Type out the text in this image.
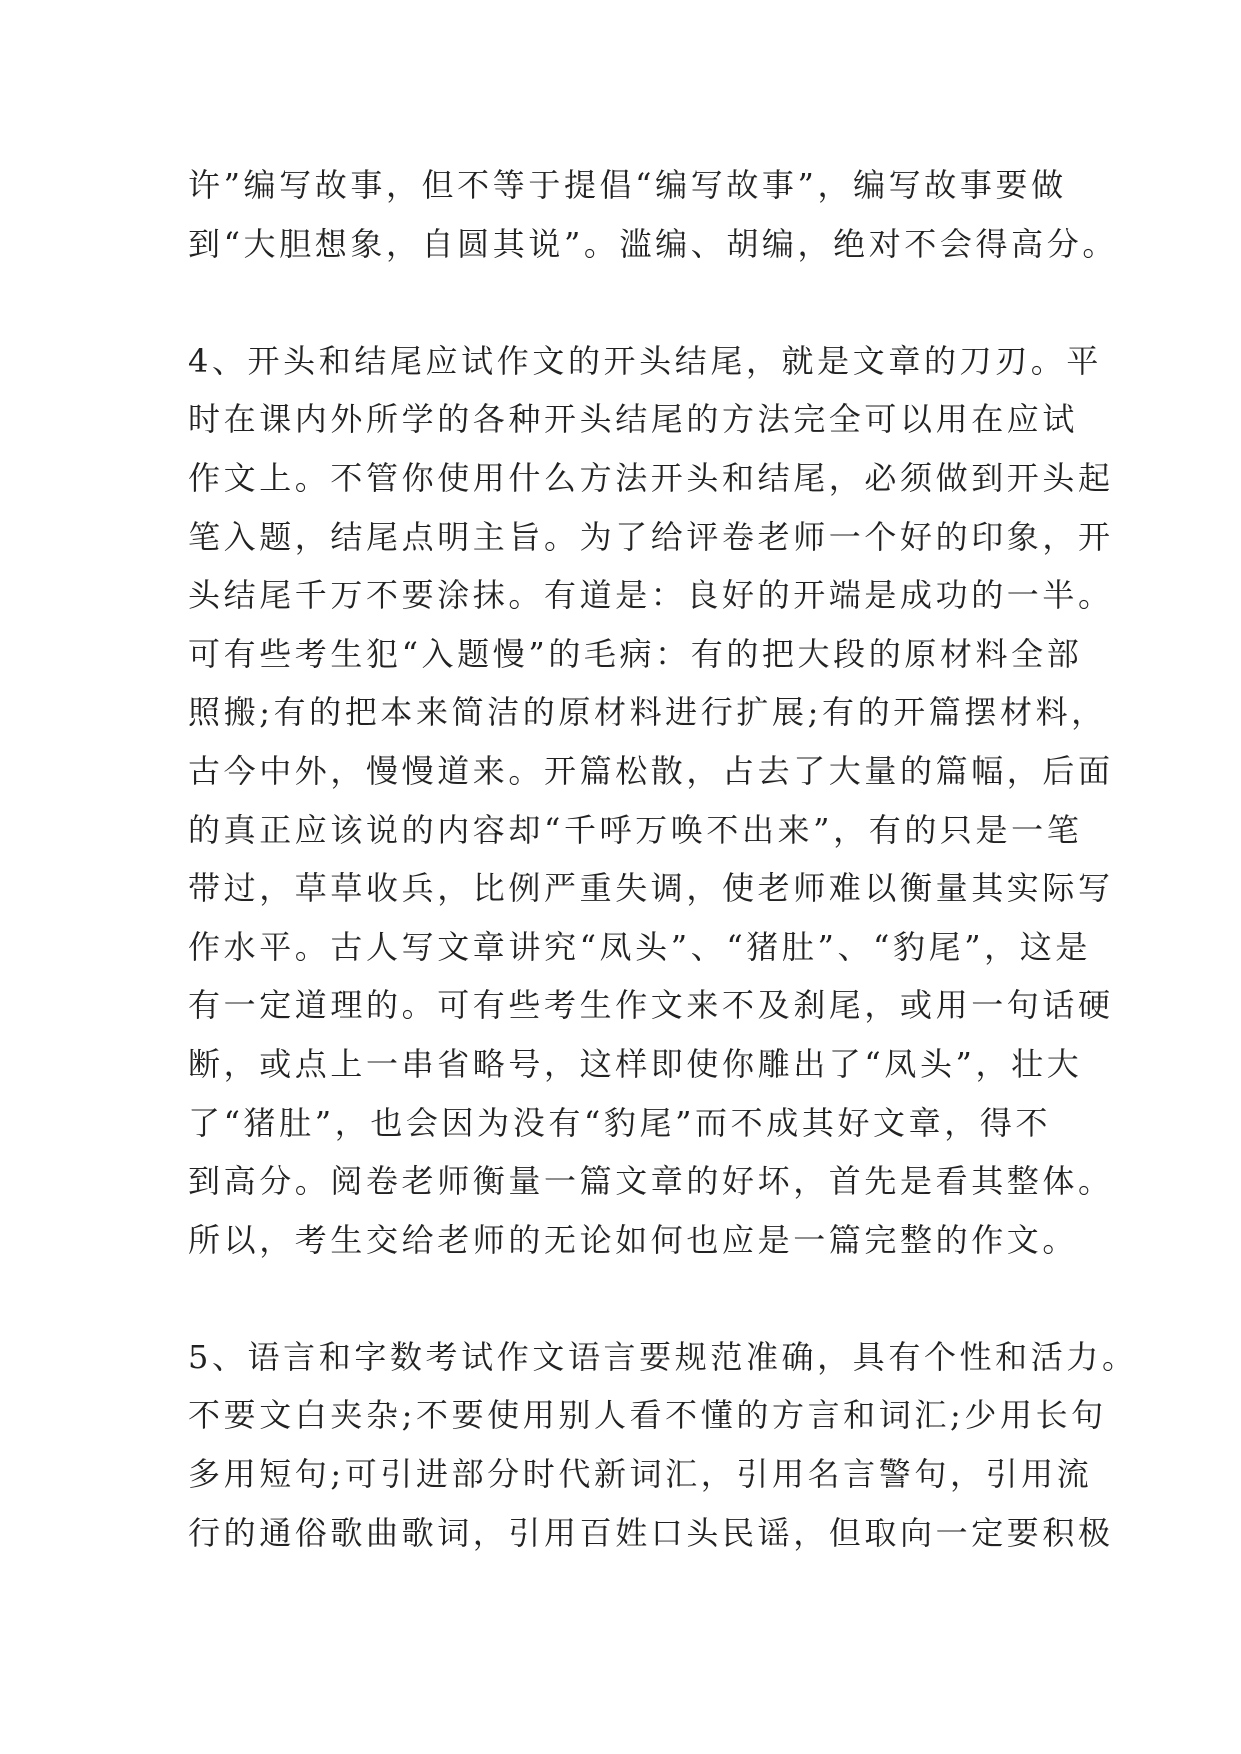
许”编写故事，但不等于提倡“编写故事”，编写故事要做
到“大胆想象，自圆其说”。滥编、胡编，绝对不会得高分。
4、开头和结尾应试作文的开头结尾，就是文章的刀刃。平
时在课内外所学的各种开头结尾的方法完全可以用在应试
作文上。不管你使用什么方法开头和结尾，必须做到开头起
笔入题，结尾点明主旨。为了给评卷老师一个好的印象，开
头结尾千万不要涂抹。有道是：良好的开端是成功的一半。
可有些考生犯“入题慢”的毛病：有的把大段的原材料全部
照搬;有的把本来简洁的原材料进行扩展;有的开篇摆材料，
古今中外，慢慢道来。开篇松散，占去了大量的篇幅，后面
的真正应该说的内容却“千呼万唤不出来”，有的只是一笔
带过，草草收兵，比例严重失调，使老师难以衡量其实际写
作水平。古人写文章讲究“凤头”、“猪肚”、“豹尾”，这是
有一定道理的。可有些考生作文来不及刹尾，或用一句话硬
断，或点上一串省略号，这样即使你雕出了“凤头”，壮大
了“猪肚”，也会因为没有“豹尾”而不成其好文章，得不
到高分。阅卷老师衡量一篇文章的好坏，首先是看其整体。
所以，考生交给老师的无论如何也应是一篇完整的作文。
5、语言和字数考试作文语言要规范准确，具有个性和活力。
不要文白夹杂;不要使用别人看不懂的方言和词汇;少用长句
多用短句;可引进部分时代新词汇，引用名言警句，引用流
行的通俗歌曲歌词，引用百姓口头民谣，但取向一定要积极
